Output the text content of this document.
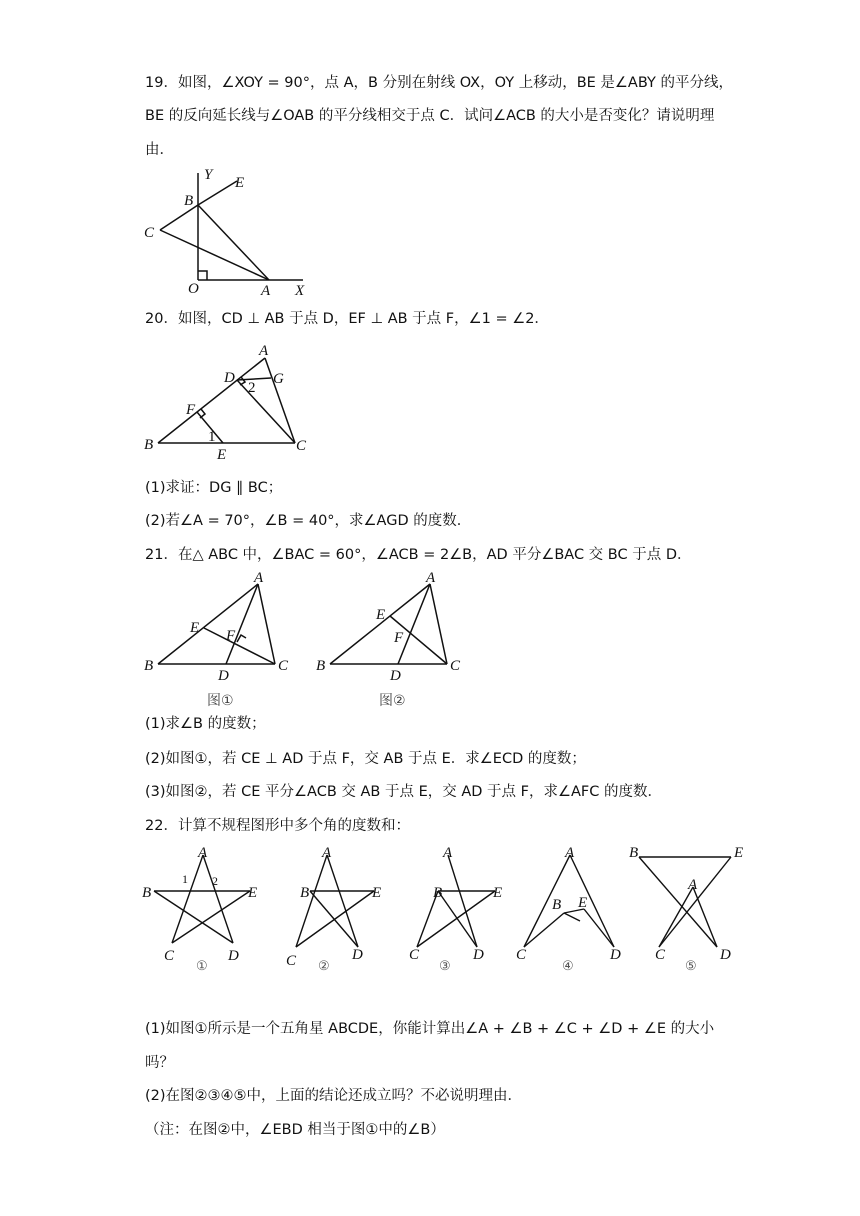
19．如图，∠XOY = 90°，点 A，B 分别在射线 OX，OY 上移动，BE 是∠ABY 的平分线，
BE 的反向延长线与∠OAB 的平分线相交于点 C．试问∠ACB 的大小是否变化？请说明理
由．
Y E
B
C
O	A X
20．如图，CD ⊥ AB 于点 D，EF ⊥ AB 于点 F，∠1 = ∠2．
A
D	G
2
F
B	1
E
C
(1)求证：DG ∥ BC；
(2)若∠A = 70°，∠B = 40°，求∠AGD 的度数．
21．在△ ABC 中，∠BAC = 60°，∠ACB = 2∠B，AD 平分∠BAC 交 BC 于点 D．
A
E F
B
D
C
图①
A
E
F
B
D
C
图②
(1)求∠B 的度数；
(2)如图①，若 CE ⊥ AD 于点 F，交 AB 于点 E．求∠ECD 的度数；
(3)如图②，若 CE 平分∠ACB 交 AB 于点 E，交 AD 于点 F，求∠AFC 的度数．
22．计算不规程图形中多个角的度数和：
A
1 2
B	E
C	D
①
A
B	E
C	D
②
A
B	E
C	D
③
A
B E
C	D
④
B	E
A
C	D
⑤
(1)如图①所示是一个五角星 ABCDE，你能计算出∠A + ∠B + ∠C + ∠D + ∠E 的大小
吗？
(2)在图②③④⑤中，上面的结论还成立吗？不必说明理由．
（注：在图②中，∠EBD 相当于图①中的∠B）
